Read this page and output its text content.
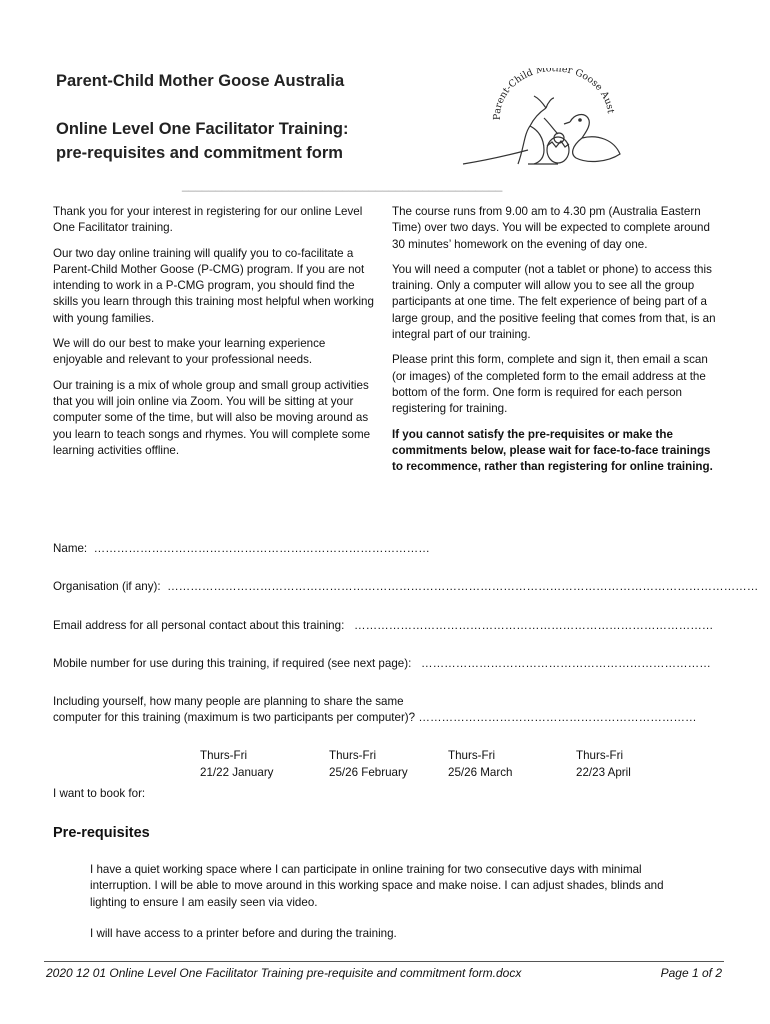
Parent-Child Mother Goose Australia
Online Level One Facilitator Training:
pre-requisites and commitment form
Parent-Child Mother Goose Aust
________________________________________________

Thank you for your interest in registering for our online Level One Facilitator training.

Our two day online training will qualify you to co-facilitate a Parent-Child Mother Goose (P-CMG) program. If you are not intending to work in a P-CMG program, you should find the skills you learn through this training most helpful when working with young families.

We will do our best to make your learning experience enjoyable and relevant to your professional needs.

Our training is a mix of whole group and small group activities that you will join online via Zoom. You will be sitting at your computer some of the time, but will also be moving around as you learn to teach songs and rhymes. You will complete some learning activities offline.

The course runs from 9.00 am to 4.30 pm (Australia Eastern Time) over two days. You will be expected to complete around 30 minutes’ homework on the evening of day one.

You will need a computer (not a tablet or phone) to access this training. Only a computer will allow you to see all the group participants at one time. The felt experience of being part of a large group, and the positive feeling that comes from that, is an integral part of our training.

Please print this form, complete and sign it, then email a scan (or images) of the completed form to the email address at the bottom of the form. One form is required for each person registering for training.

If you cannot satisfy the pre-requisites or make the commitments below, please wait for face-to-face trainings to recommence, rather than registering for online training.

Name: ……………………………………………………………………………
Organisation (if any): ………………………………………………………………………………………………………………………………………
Email address for all personal contact about this training: …………………………………………………………………………………
Mobile number for use during this training, if required (see next page): …………………………………………………………………
Including yourself, how many people are planning to share the same
computer for this training (maximum is two participants per computer)? ………………………………………………………………
Thurs-Fri
21/22 January
Thurs-Fri
25/26 February
Thurs-Fri
25/26 March
Thurs-Fri
22/23 April
I want to book for:
Pre-requisites
I have a quiet working space where I can participate in online training for two consecutive days with minimal interruption. I will be able to move around in this working space and make noise. I can adjust shades, blinds and lighting to ensure I am easily seen via video.
I will have access to a printer before and during the training.
2020 12 01 Online Level One Facilitator Training pre-requisite and commitment form.docx	Page 1 of 2
